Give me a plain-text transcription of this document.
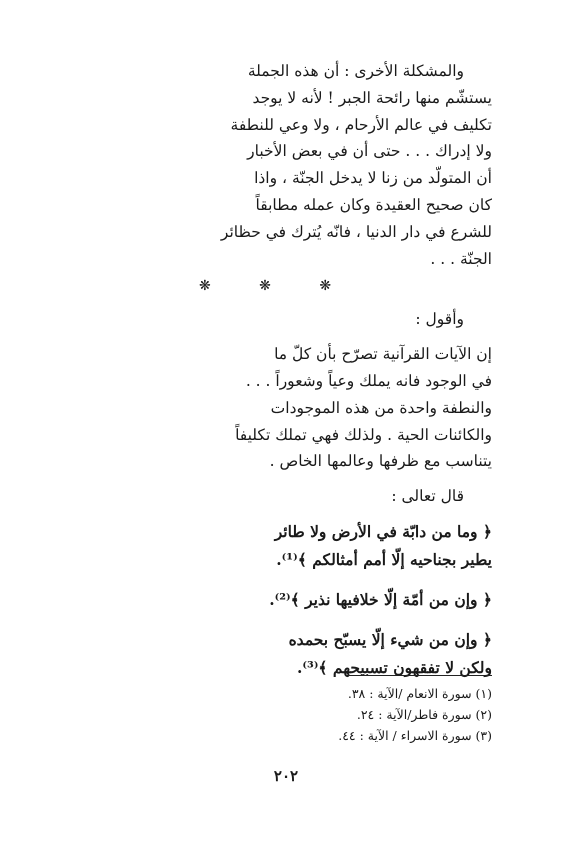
والمشكلة الأخرى : أن هذه الجملة
يستشّم منها رائحة الجبر ! لأنه لا يوجد
تكليف في عالم الأرحام ، ولا وعي للنطفة
ولا إدراك . . . حتى أن في بعض الأخبار
أن المتولّد من زنا لا يدخل الجنّة ، واذا
كان صحيح العقيدة وكان عمله مطابقاً
للشرع في دار الدنيا ، فانّه يُترك في حظائر
الجنّة . . .
❋ ❋ ❋
وأقول :
إن الآيات القرآنية تصرّح بأن كلّ ما
في الوجود فانه يملك وعياً وشعوراً . . .
والنطفة واحدة من هذه الموجودات
والكائنات الحية . ولذلك فهي تملك تكليفاً
يتناسب مع ظرفها وعالمها الخاص .
قال تعالى :
﴿ وما من دابّة في الأرض ولا طائر
يطير بجناحيه إلّا أمم أمثالكم ﴾⁽¹⁾.
﴿ وإن من أمّة إلّا خلافيها نذير ﴾⁽²⁾.
﴿ وإن من شيء إلّا يسبّح بحمده
ولكن لا تفقهون تسبيحهم ﴾⁽³⁾.
(١) سورة الانعام /الآية : ٣٨.
(٢) سورة فاطر/الآية : ٢٤.
(٣) سورة الاسراء / الآية : ٤٤.
٢٠٢
